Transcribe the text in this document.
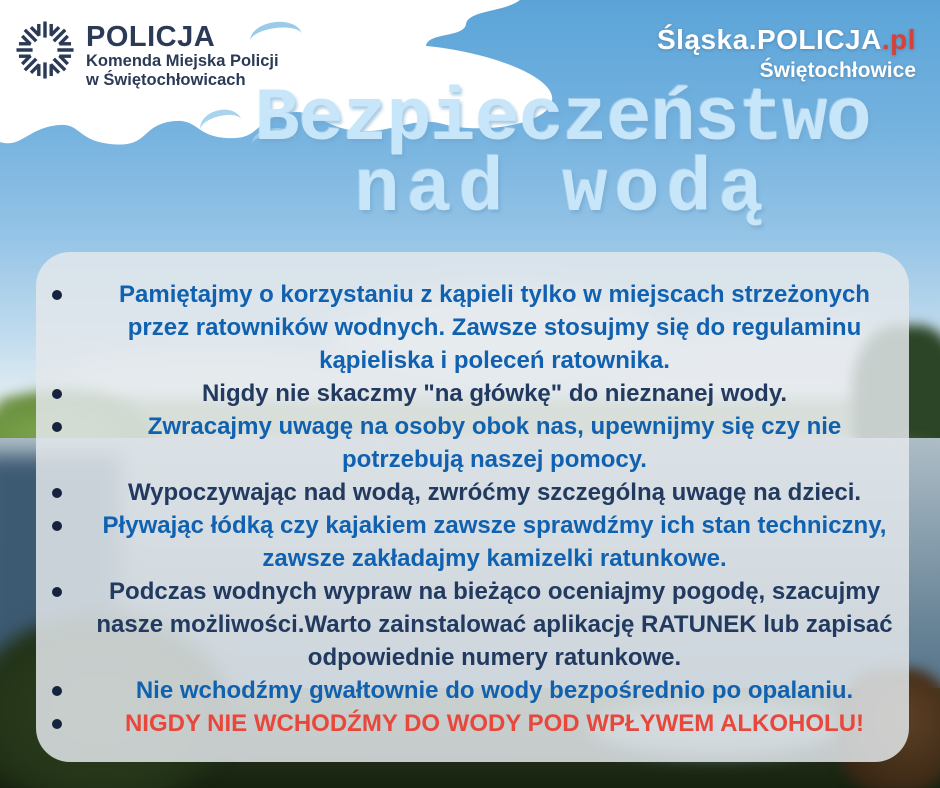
POLICJA
Komenda Miejska Policji
w Świętochłowicach
Śląska.POLICJA.pl
Świętochłowice
Bezpieczeństwo
nad wodą
Pamiętajmy o korzystaniu z kąpieli tylko w miejscach strzeżonych przez ratowników wodnych. Zawsze stosujmy się do regulaminu kąpieliska i poleceń ratownika.
Nigdy nie skaczmy "na główkę" do nieznanej wody.
Zwracajmy uwagę na osoby obok nas, upewnijmy się czy nie potrzebują naszej pomocy.
Wypoczywając nad wodą, zwróćmy szczególną uwagę na dzieci.
Pływając łódką czy kajakiem zawsze sprawdźmy ich stan techniczny, zawsze zakładajmy kamizelki ratunkowe.
Podczas wodnych wypraw na bieżąco oceniajmy pogodę, szacujmy nasze możliwości.Warto zainstalować aplikację RATUNEK lub zapisać odpowiednie numery ratunkowe.
Nie wchodźmy gwałtownie do wody bezpośrednio po opalaniu.
NIGDY NIE WCHODŹMY DO WODY POD WPŁYWEM ALKOHOLU!
